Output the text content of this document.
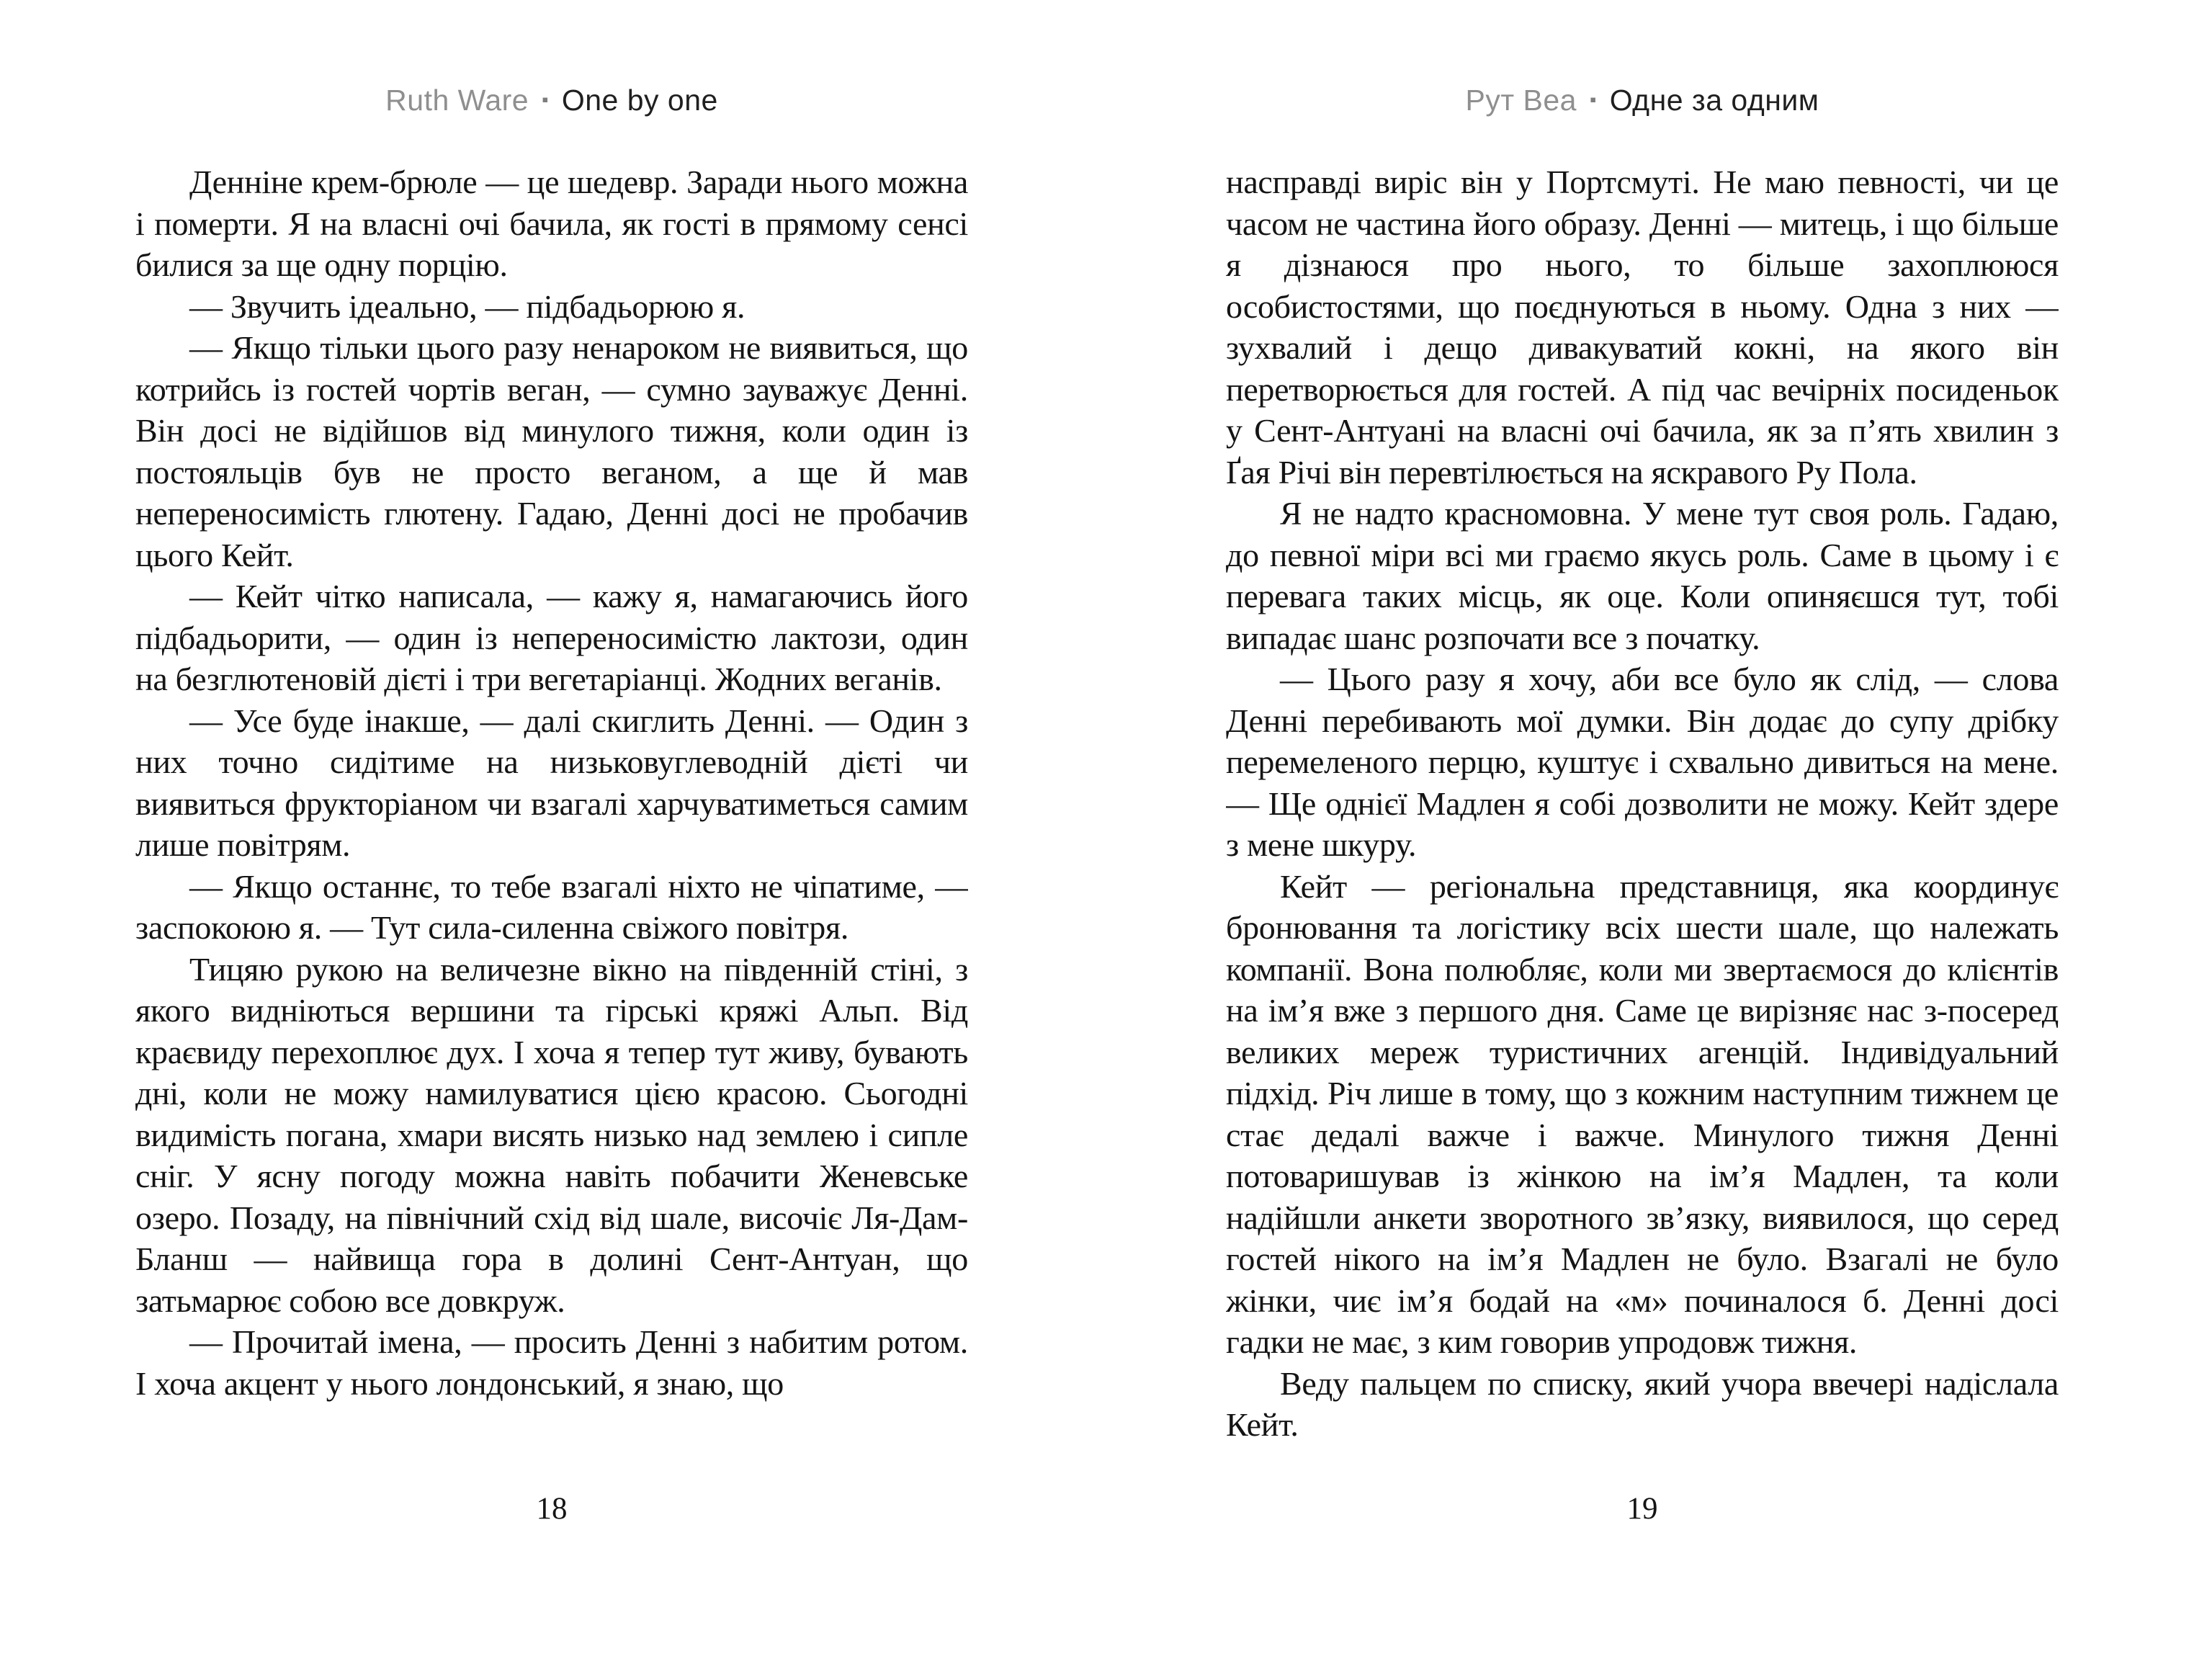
Ruth Ware ▪ One by one

Денніне крем-брюле — це шедевр. Заради нього можна і померти. Я на власні очі бачила, як гості в прямому сенсі билися за ще одну порцію.

— Звучить ідеально, — підбадьорюю я.

— Якщо тільки цього разу ненароком не виявиться, що котрийсь із гостей чортів веган, — сумно зауважує Денні. Він досі не відійшов від минулого тижня, коли один із постояльців був не просто веганом, а ще й мав непереносимість глютену. Гадаю, Денні досі не пробачив цього Кейт.

— Кейт чітко написала, — кажу я, намагаючись його підбадьорити, — один із непереносимістю лактози, один на безглютеновій дієті і три вегетаріанці. Жодних веганів.

— Усе буде інакше, — далі скиглить Денні. — Один з них точно сидітиме на низьковуглеводній дієті чи виявиться фрукторіаном чи взагалі харчуватиметься самим лише повітрям.

— Якщо останнє, то тебе взагалі ніхто не чіпатиме, — заспокоюю я. — Тут сила-силенна свіжого повітря.

Тицяю рукою на величезне вікно на південній стіні, з якого видніються вершини та гірські кряжі Альп. Від краєвиду перехоплює дух. І хоча я тепер тут живу, бувають дні, коли не можу намилуватися цією красою. Сьогодні видимість погана, хмари висять низько над землею і сипле сніг. У ясну погоду можна навіть побачити Женевське озеро. Позаду, на північний схід від шале, височіє Ля-Дам-Бланш — найвища гора в долині Сент-Антуан, що затьмарює собою все довкруж.

— Прочитай імена, — просить Денні з набитим ротом. І хоча акцент у нього лондонський, я знаю, що

18
Рут Веа ▪ Одне за одним

насправді виріс він у Портсмуті. Не маю певності, чи це часом не частина його образу. Денні — митець, і що більше я дізнаюся про нього, то більше захоплююся особистостями, що поєднуються в ньому. Одна з них — зухвалий і дещо дивакуватий кокні, на якого він перетворюється для гостей. А під час вечірніх посиденьок у Сент-Антуані на власні очі бачила, як за п’ять хвилин з Ґая Річі він перевтілюється на яскравого Ру Пола.

Я не надто красномовна. У мене тут своя роль. Гадаю, до певної міри всі ми граємо якусь роль. Саме в цьому і є перевага таких місць, як оце. Коли опиняєшся тут, тобі випадає шанс розпочати все з початку.

— Цього разу я хочу, аби все було як слід, — слова Денні перебивають мої думки. Він додає до супу дрібку перемеленого перцю, куштує і схвально дивиться на мене. — Ще однієї Мадлен я собі дозволити не можу. Кейт здере з мене шкуру.

Кейт — регіональна представниця, яка координує бронювання та логістику всіх шести шале, що належать компанії. Вона полюбляє, коли ми звертаємося до клієнтів на ім’я вже з першого дня. Саме це вирізняє нас з-посеред великих мереж туристичних агенцій. Індивідуальний підхід. Річ лише в тому, що з кожним наступним тижнем це стає дедалі важче і важче. Минулого тижня Денні потоваришував із жінкою на ім’я Мадлен, та коли надійшли анкети зворотного зв’язку, виявилося, що серед гостей нікого на ім’я Мадлен не було. Взагалі не було жінки, чиє ім’я бодай на «м» починалося б. Денні досі гадки не має, з ким говорив упродовж тижня.

Веду пальцем по списку, який учора ввечері надіслала Кейт.

19
